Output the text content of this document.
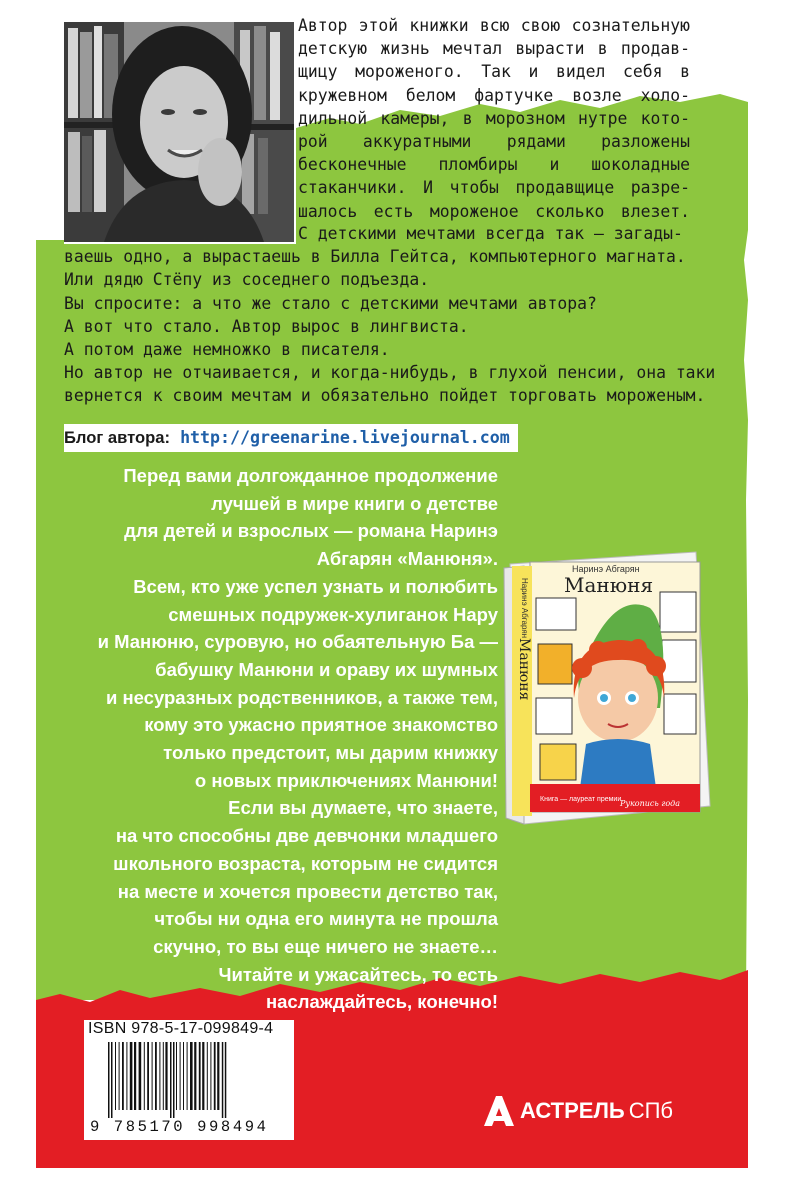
Автор этой книжки всю свою сознательную
детскую жизнь мечтал вырасти в продав-
щицу мороженого. Так и видел себя в
кружевном белом фартучке возле холо-
дильной камеры, в морозном нутре кото-
рой аккуратными рядами разложены
бесконечные пломбиры и шоколадные
стаканчики. И чтобы продавщице разре-
шалось есть мороженое сколько влезет.
С детскими мечтами всегда так — загады-
ваешь одно, а вырастаешь в Билла Гейтса, компьютерного магната.
Или дядю Стёпу из соседнего подъезда.
Вы спросите: а что же стало с детскими мечтами автора?
А вот что стало. Автор вырос в лингвиста.
А потом даже немножко в писателя.
Но автор не отчаивается, и когда-нибудь, в глухой пенсии, она таки
вернется к своим мечтам и обязательно пойдет торговать мороженым.
Блог автора: http://greenarine.livejournal.com
Перед вами долгожданное продолжение
лучшей в мире книги о детстве
для детей и взрослых — романа Наринэ
Абгарян «Манюня».
Всем, кто уже успел узнать и полюбить
смешных подружек-хулиганок Нару
и Манюню, суровую, но обаятельную Ба —
бабушку Манюни и ораву их шумных
и несуразных родственников, а также тем,
кому это ужасно приятное знакомство
только предстоит, мы дарим книжку
о новых приключениях Манюни!
Если вы думаете, что знаете,
на что способны две девчонки младшего
школьного возраста, которым не сидится
на месте и хочется провести детство так,
чтобы ни одна его минута не прошла
скучно, то вы еще ничего не знаете…
Читайте и ужасайтесь, то есть
наслаждайтесь, конечно!
Наринэ Абгарян
Манюня
Книга — лауреат премии
Рукопись года
Наринэ Абгарян
Манюня
ISBN 978-5-17-099849-4
9 785170 998494
АСТРЕЛЬ СПб
